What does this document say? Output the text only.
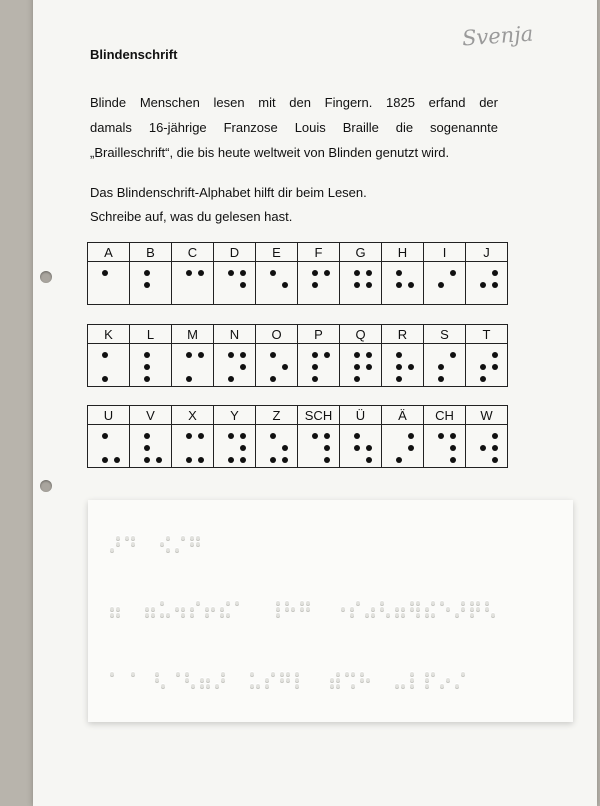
Svenja
Blindenschrift
Blinde Menschen lesen mit den Fingern. 1825 erfand der
damals 16-jährige Franzose Louis Braille die sogenannte
„Brailleschrift“, die bis heute weltweit von Blinden genutzt wird.
Das Blindenschrift-Alphabet hilft dir beim Lesen.
Schreibe auf, was du gelesen hast.
A	B	C	D	E	F	G	H	I	J
K	L	M	N	O	P	Q	R	S	T
U	V	X	Y	Z	SCH	Ü	Ä	CH	W
